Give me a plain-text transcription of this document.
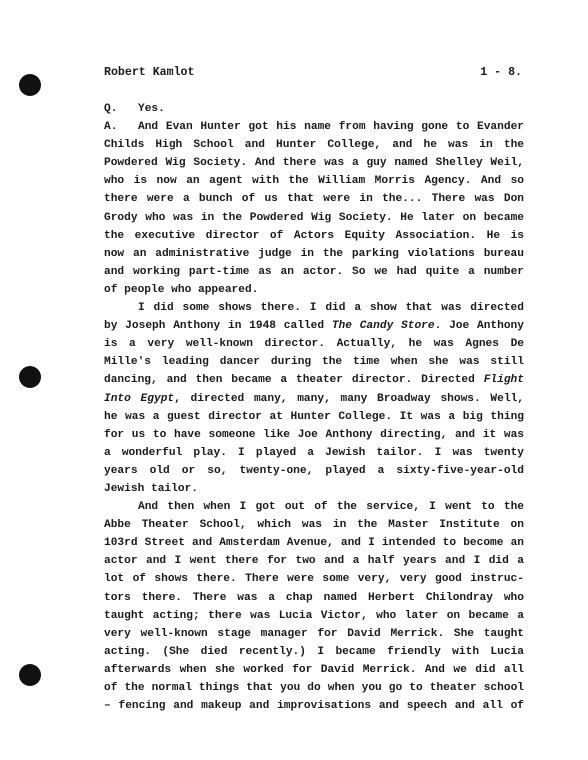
Robert Kamlot	1 - 8.
Q. Yes.
A. And Evan Hunter got his name from having gone to Evander
Childs High School and Hunter College, and he was in the
Powdered Wig Society. And there was a guy named Shelley Weil,
who is now an agent with the William Morris Agency. And so
there were a bunch of us that were in the... There was Don
Grody who was in the Powdered Wig Society. He later on became
the executive director of Actors Equity Association. He is
now an administrative judge in the parking violations bureau
and working part-time as an actor. So we had quite a number
of people who appeared.
I did some shows there. I did a show that was directed
by Joseph Anthony in 1948 called The Candy Store. Joe Anthony
is a very well-known director. Actually, he was Agnes De
Mille's leading dancer during the time when she was still
dancing, and then became a theater director. Directed Flight
Into Egypt, directed many, many, many Broadway shows. Well,
he was a guest director at Hunter College. It was a big thing
for us to have someone like Joe Anthony directing, and it was
a wonderful play. I played a Jewish tailor. I was twenty
years old or so, twenty-one, played a sixty-five-year-old
Jewish tailor.
And then when I got out of the service, I went to the
Abbe Theater School, which was in the Master Institute on
103rd Street and Amsterdam Avenue, and I intended to become an
actor and I went there for two and a half years and I did a
lot of shows there. There were some very, very good instruc-
tors there. There was a chap named Herbert Chilondray who
taught acting; there was Lucia Victor, who later on became a
very well-known stage manager for David Merrick. She taught
acting. (She died recently.) I became friendly with Lucia
afterwards when she worked for David Merrick. And we did all
of the normal things that you do when you go to theater school
– fencing and makeup and improvisations and speech and all of
